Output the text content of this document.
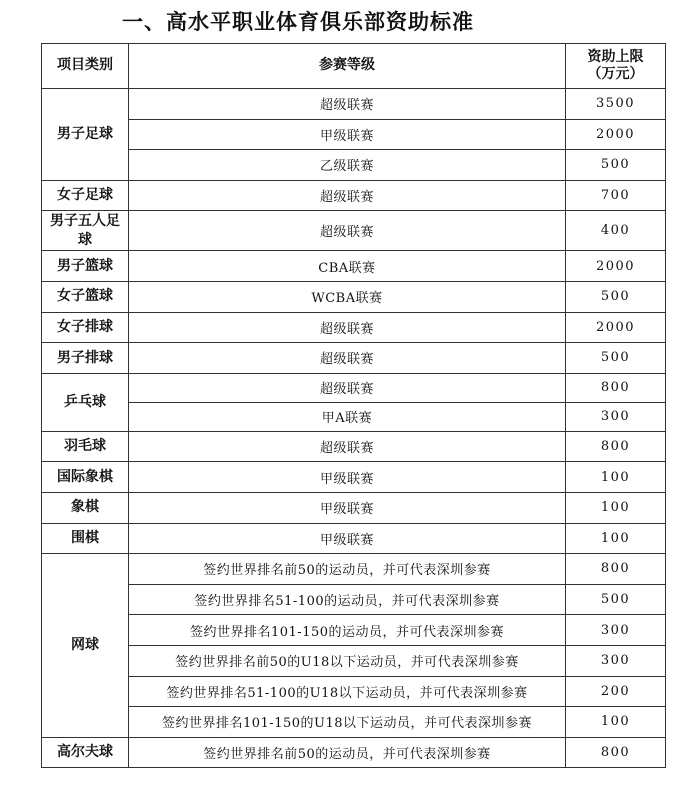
一、高水平职业体育俱乐部资助标准
项目类别	参赛等级	资助上限
（万元）

男子足球	超级联赛	3500
	甲级联赛	2000
	乙级联赛	500
女子足球	超级联赛	700
男子五人足球	超级联赛	400
男子篮球	CBA联赛	2000
女子篮球	WCBA联赛	500
女子排球	超级联赛	2000
男子排球	超级联赛	500
乒乓球	超级联赛	800
	甲A联赛	300
羽毛球	超级联赛	800
国际象棋	甲级联赛	100
象棋	甲级联赛	100
围棋	甲级联赛	100
网球	签约世界排名前50的运动员，并可代表深圳参赛	800
	签约世界排名51-100的运动员，并可代表深圳参赛	500
	签约世界排名101-150的运动员，并可代表深圳参赛	300
	签约世界排名前50的U18以下运动员，并可代表深圳参赛	300
	签约世界排名51-100的U18以下运动员，并可代表深圳参赛	200
	签约世界排名101-150的U18以下运动员，并可代表深圳参赛	100
高尔夫球	签约世界排名前50的运动员，并可代表深圳参赛	800
